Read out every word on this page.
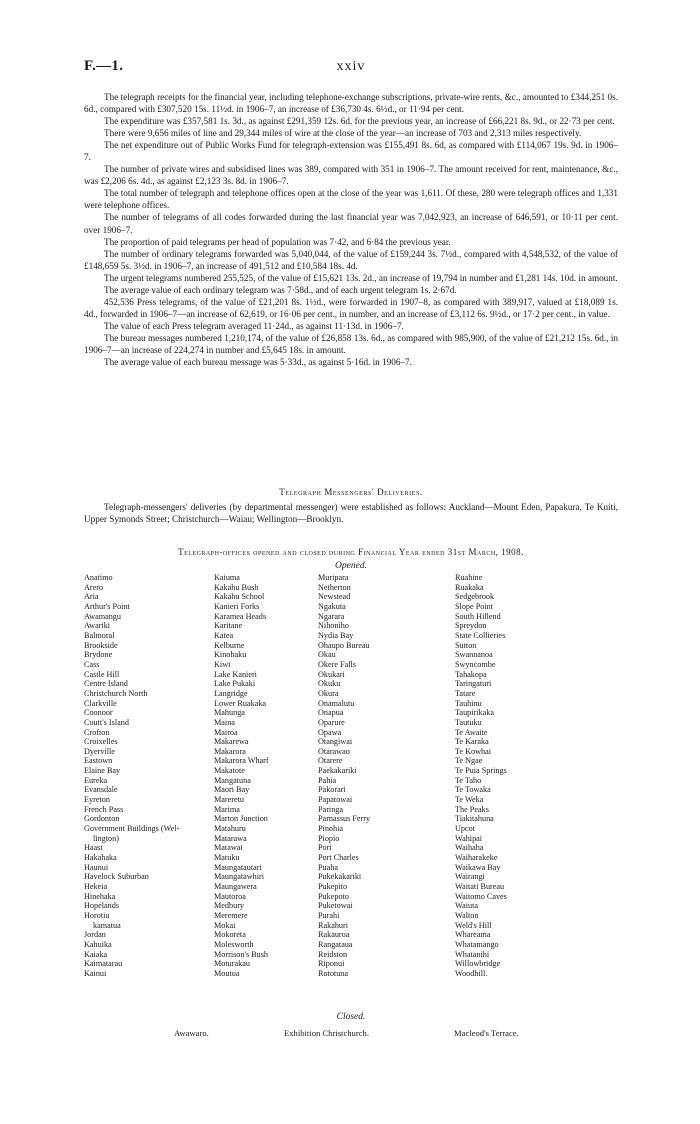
F.—1.	xxiv

The telegraph receipts for the financial year, including telephone-exchange subscriptions, private-wire rents, &c., amounted to £344,251 0s. 6d., compared with £307,520 15s. 11½d. in 1906–7, an increase of £36,730 4s. 6½d., or 11·94 per cent.

The expenditure was £357,581 1s. 3d., as against £291,359 12s. 6d. for the previous year, an increase of £66,221 8s. 9d., or 22·73 per cent.

There were 9,656 miles of line and 29,344 miles of wire at the close of the year—an increase of 703 and 2,313 miles respectively.

The net expenditure out of Public Works Fund for telegraph-extension was £155,491 8s. 6d, as compared with £114,067 19s. 9d. in 1906–7.

The number of private wires and subsidised lines was 389, compared with 351 in 1906–7. The amount received for rent, maintenance, &c., was £2,206 6s. 4d., as against £2,123 3s. 8d. in 1906–7.

The total number of telegraph and telephone offices open at the close of the year was 1,611. Of these, 280 were telegraph offices and 1,331 were telephone offices.

The number of telegrams of all codes forwarded during the last financial year was 7,042,923, an increase of 646,591, or 10·11 per cent. over 1906–7.

The proportion of paid telegrams per head of population was 7·42, and 6·84 the previous year.

The number of ordinary telegrams forwarded was 5,040,044, of the value of £159,244 3s. 7½d., compared with 4,548,532, of the value of £148,659 5s. 3½d. in 1906–7, an increase of 491,512 and £10,584 18s. 4d.

The urgent telegrams numbered 255,525, of the value of £15,621 13s. 2d., an increase of 19,794 in number and £1,281 14s. 10d. in amount.

The average value of each ordinary telegram was 7·58d., and of each urgent telegram 1s. 2·67d.

452,536 Press telegrams, of the value of £21,201 8s. 1½d., were forwarded in 1907–8, as compared with 389,917, valued at £18,089 1s. 4d., forwarded in 1906–7—an increase of 62,619, or 16·06 per cent., in number, and an increase of £3,112 6s. 9½d., or 17·2 per cent., in value.

The value of each Press telegram averaged 11·24d., as against 11·13d. in 1906–7.

The bureau messages numbered 1,210,174, of the value of £26,858 13s. 6d., as compared with 985,900, of the value of £21,212 15s. 6d., in 1906–7—an increase of 224,274 in number and £5,645 18s. in amount.

The average value of each bureau message was 5·33d., as against 5·16d. in 1906–7.

Telegraph Messengers' Deliveries.

Telegraph-messengers' deliveries (by departmental messenger) were established as follows: Auckland—Mount Eden, Papakura, Te Kuiti, Upper Symonds Street; Christchurch—Waiau; Wellington—Brooklyn.

Telegraph-offices opened and closed during Financial Year ended 31st March, 1908.
Opened.
Anatimo
Arero
Aria
Arthur's Point
Awamangu
Awariki
Balmoral
Brookside
Brydone
Cass
Castle Hill
Centre Island
Christchurch North
Clarkville
Coonoor
Coutt's Island
Crofton
Croixelles
Dyerville
Eastown
Elaine Bay
Eureka
Evansdale
Eyreton
French Pass
Gordonton
Government Buildings (Wel-
lington)
Haast
Hakahaka
Haunui
Havelock Suburban
Hekeia
Hinehaka
Hopelands
Horotiu
kamatua
Jordan
Kahuika
Kaiaka
Kaimatarau
Kainui
Kaiuma
Kakahu Bush
Kakahu School
Kanieri Forks
Karamea Heads
Karitane
Katea
Kelburne
Kinohaku
Kiwi
Lake Kanieri
Lake Pukaki
Langridge
Lower Ruakaka
Mahunga
Maina
Mairoa
Makarewa
Makarora
Makarora Wharf
Makatote
Mangatuna
Maori Bay
Mareretu
Marima
Marton Junction
Matahuru
Matarawa
Matawai
Matuku
Maungatautari
Maungatawhiri
Maungawera
Mautoroa
Medbury
Meremere
Mokai
Mokoreta
Molesworth
Morrison's Bush
Moturakau
Moutoa
Muripara
Netherton
Newstead
Ngakuta
Ngarara
Nihoniho
Nydia Bay
Ohaupo Bureau
Okau
Okere Falls
Okukari
Okuku
Okura
Onamalutu
Onapua
Oparure
Opawa
Otangiwai
Otarawao
Otarere
Paekakariki
Pahia
Pakorari
Papatowai
Paringa
Parnassus Ferry
Pinohia
Piopio
Pori
Port Charles
Puaha
Pukekakariki
Pukepito
Pukepoto
Puketowai
Purahi
Rakahuri
Rakauroa
Rangataua
Reidston
Riponui
Rototuna
Ruahine
Ruakaka
Sedgebrook
Slope Point
South Hillend
Spreydon
State Collieries
Sutton
Swannanoa
Swyncombe
Tahakopa
Taringaturi
Tatare
Tauhinu
Taupirikaka
Tautuku
Te Awaite
Te Karaka
Te Kowhai
Te Ngae
Te Puia Springs
Te Taho
Te Towaka
Te Weka
The Peaks
Tiakitahuna
Upcot
Wahipai
Waihaha
Waiharakeke
Waikawa Bay
Wairangi
Waitati Bureau
Waitomo Caves
Waiuta
Walton
Weld's Hill
Whareama
Whatamango
Whatanihi
Willowbridge
Woodhill.
Closed.
Awawaro.	Exhibition Christchurch.	Macleod's Terrace.
